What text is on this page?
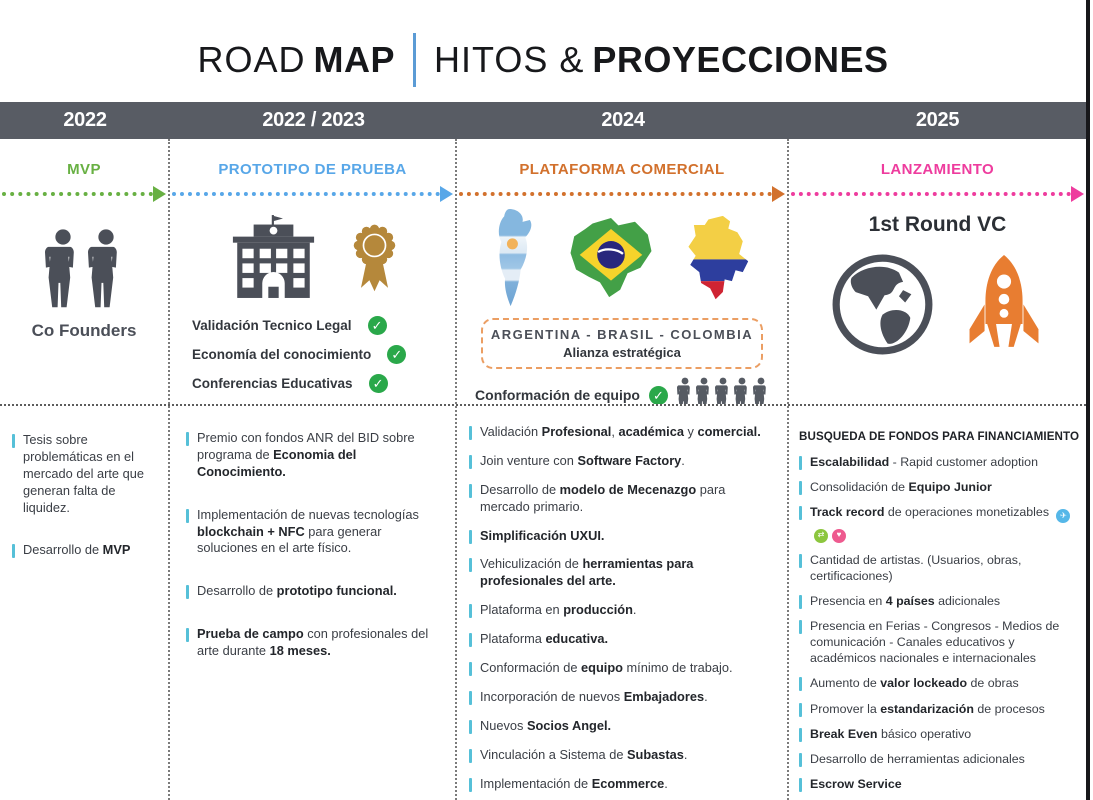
ROAD MAP HITOS & PROYECCIONES
2022	2022 / 2023	2024	2025
MVP
Co Founders
Tesis sobre problemáticas en el mercado del arte que generan falta de liquidez.
Desarrollo de MVP
PROTOTIPO DE PRUEBA
Validación Tecnico Legal	✓
Economía del conocimiento	✓
Conferencias Educativas	✓
Premio con fondos ANR del BID sobre programa de Economia del Conocimiento.
Implementación de nuevas tecnologías blockchain + NFC para generar soluciones en el arte físico.
Desarrollo de prototipo funcional.
Prueba de campo con profesionales del arte durante 18 meses.
PLATAFORMA COMERCIAL
ARGENTINA - BRASIL - COLOMBIA
Alianza estratégica
Conformación de equipo	✓
Validación Profesional, académica y comercial.
Join venture con Software Factory.
Desarrollo de modelo de Mecenazgo para mercado primario.
Simplificación UXUI.
Vehiculización de herramientas para profesionales del arte.
Plataforma en producción.
Plataforma educativa.
Conformación de equipo mínimo de trabajo.
Incorporación de nuevos Embajadores.
Nuevos Socios Angel.
Vinculación a Sistema de Subastas.
Implementación de Ecommerce.
LANZAMIENTO
1st Round VC
BUSQUEDA DE FONDOS PARA FINANCIAMIENTO
Escalabilidad - Rapid customer adoption
Consolidación de Equipo Junior
Track record de operaciones monetizables ✈⇄ ♥
Cantidad de artistas. (Usuarios, obras, certificaciones)
Presencia en 4 países adicionales
Presencia en Ferias - Congresos - Medios de comunicación - Canales educativos y académicos nacionales e internacionales
Aumento de valor lockeado de obras
Promover la estandarización de procesos
Break Even básico operativo
Desarrollo de herramientas adicionales
Escrow Service
